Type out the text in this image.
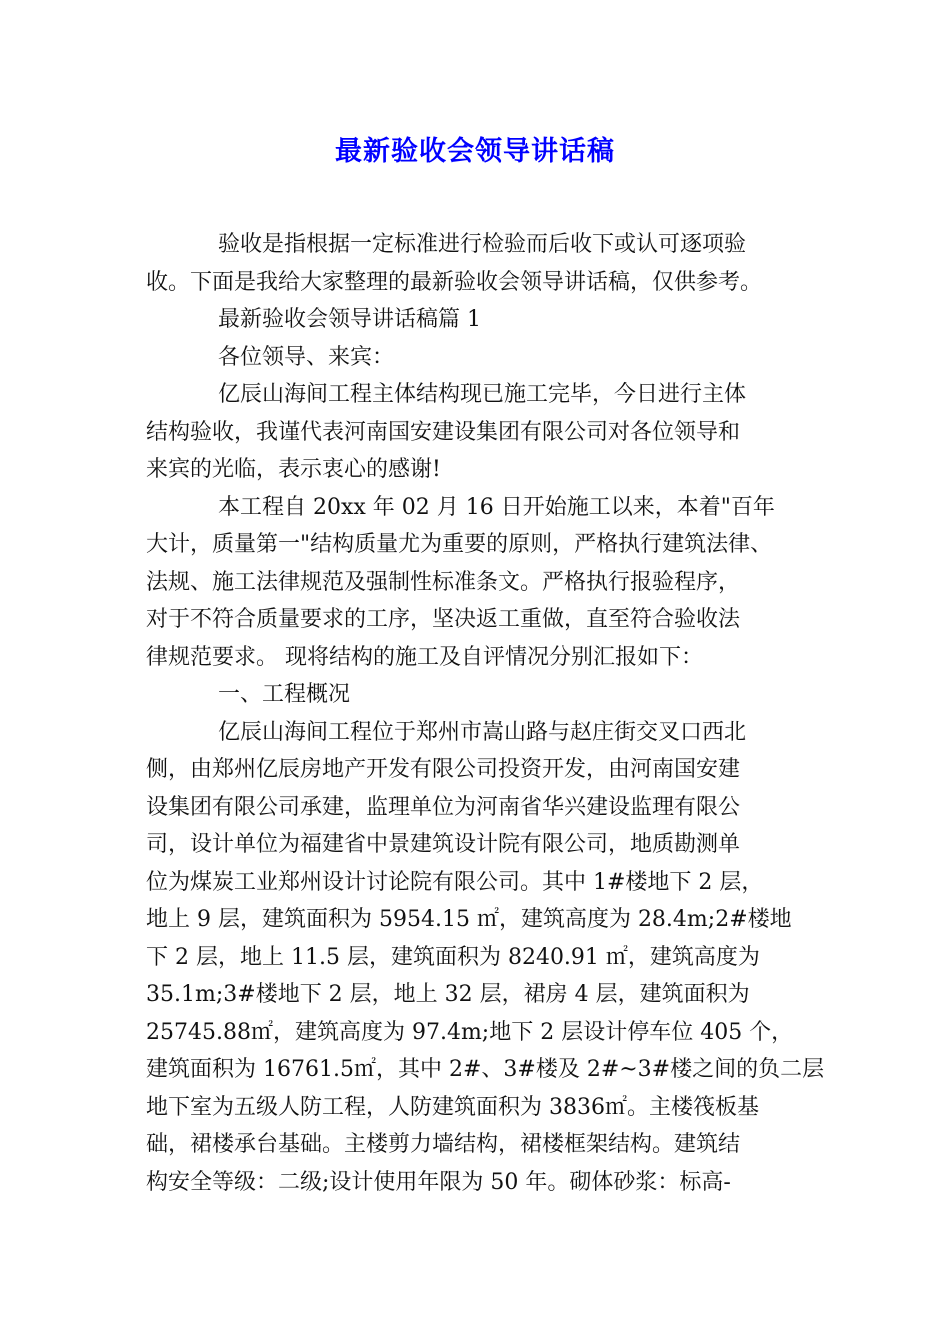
最新验收会领导讲话稿
验收是指根据一定标准进行检验而后收下或认可逐项验
收。下面是我给大家整理的最新验收会领导讲话稿，仅供参考。
最新验收会领导讲话稿篇 1
各位领导、来宾：
亿辰山海间工程主体结构现已施工完毕，今日进行主体
结构验收，我谨代表河南国安建设集团有限公司对各位领导和
来宾的光临，表示衷心的感谢!
本工程自 20xx 年 02 月 16 日开始施工以来，本着"百年
大计，质量第一"结构质量尤为重要的原则，严格执行建筑法律、
法规、施工法律规范及强制性标准条文。严格执行报验程序，
对于不符合质量要求的工序，坚决返工重做，直至符合验收法
律规范要求。 现将结构的施工及自评情况分别汇报如下：
一、工程概况
亿辰山海间工程位于郑州市嵩山路与赵庄街交叉口西北
侧，由郑州亿辰房地产开发有限公司投资开发，由河南国安建
设集团有限公司承建，监理单位为河南省华兴建设监理有限公
司，设计单位为福建省中景建筑设计院有限公司，地质勘测单
位为煤炭工业郑州设计讨论院有限公司。其中 1#楼地下 2 层，
地上 9 层，建筑面积为 5954.15 ㎡，建筑高度为 28.4m;2#楼地
下 2 层，地上 11.5 层，建筑面积为 8240.91 ㎡，建筑高度为
35.1m;3#楼地下 2 层，地上 32 层，裙房 4 层，建筑面积为
25745.88㎡，建筑高度为 97.4m;地下 2 层设计停车位 405 个，
建筑面积为 16761.5㎡，其中 2#、3#楼及 2#~3#楼之间的负二层
地下室为五级人防工程，人防建筑面积为 3836㎡。主楼筏板基
础，裙楼承台基础。主楼剪力墙结构，裙楼框架结构。建筑结
构安全等级：二级;设计使用年限为 50 年。砌体砂浆：标高-
